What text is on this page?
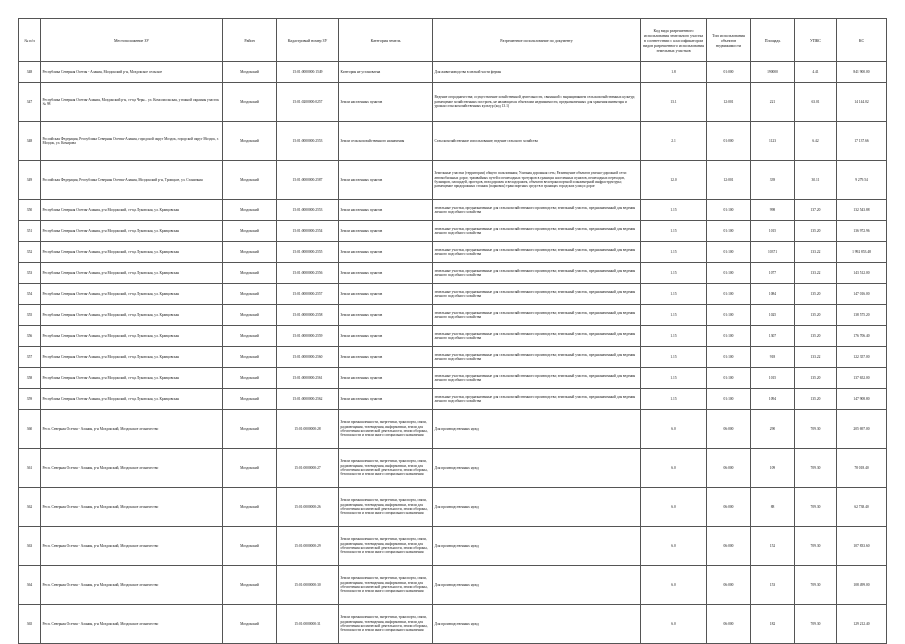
№ п/п	Местоположение ЗУ	Район	Кадастровый номер ЗУ	Категория земель	Разрешенное использование по документу	Код вида разрешенного использования земельного участка в соответствии с классификатором видов разрешенного использования земельных участков	Тип использования объектов недвижимости	Площадь	УПКС	КС
348	Республика Северная Осетия - Алания, Моздокский р-н, Моздокское сельское	Моздокский	15:01:0000000:1549	Категория не установлена	Для животноводства в мелкой части фермы	1.8	01:000	190000	4.41	841 900.00
347	Республика Северная Осетия-Алания, Моздокский р-н, ст-ца Черн... ул. Комсомольская, у южной окраины участок № 98	Моздокский	15:01:0200000:0257	Земли населенных пунктов	Ведение огородничества; осуществление хозяйственной деятельности, связанной с выращиванием сельскохозяйственных культур; размещение хозяйственных построек, не являющихся объектами недвижимости, предназначенных для хранения инвентаря и урожая сельскохозяйственных культур (код 13.1)	13.1	12:001	221	63.01	14 144.02
348	Российская Федерация, Республика Северная Осетия-Алания, городской округ Моздок, городской округ Моздок, г. Моздок, ул. Комарова	Моздокский	15:01:0000000:2553	Земли сельскохозяйственного назначения	Сельскохозяйственное использование; ведение сельского хозяйства	2.1	01:000	1123	6.42	17 137.66
349	Российская Федерация, Республика Северная Осетия-Алания, Моздокский р-н, Троицкое, ул. Станичная	Моздокский	15:01:0000000:2587	Земли населенных пунктов	Земельные участки (территории) общего пользования; Уличная дорожная сеть; Размещение объектов улично-дорожной сети: автомобильных дорог, трамвайных путей и пешеходных тротуаров в границах населенных пунктов, пешеходных переходов, бульваров, площадей, проездов, велодорожек и велодорожек, объектов велотранспортной и инженерной инфраструктуры; размещение придорожных стоянок (парковок) транспортных средств в границах городских улиц и дорог	12.0	12:001	339	30.11	9 279.54
350	Республика Северная Осетия-Алания, р-н Моздокский, ст-ца Луковская, ул. Кравцовская	Моздокский	15:01:0000000:2553	Земли населенных пунктов	земельные участки, предназначенные для сельскохозяйственного производства; земельный участок, предназначенный для ведения личного подсобного хозяйства	1.15	01:100	998	137.20	132 543.88
351	Республика Северная Осетия-Алания, р-н Моздокский, ст-ца Луковская, ул. Кравцовская	Моздокский	15:01:0000000:2554	Земли населенных пунктов	земельные участки, предназначенные для сельскохозяйственного производства; земельный участок, предназначенный для ведения личного подсобного хозяйства	1.15	01:100	1015	135.20	136 972.96
352	Республика Северная Осетия-Алания, р-н Моздокский, ст-ца Луковская, ул. Кравцовская	Моздокский	15:01:0000000:2555	Земли населенных пунктов	земельные участки, предназначенные для сельскохозяйственного производства; земельный участок, предназначенный для ведения личного подсобного хозяйства	1.15	01:100	10371	133.22	1 992 853.48
353	Республика Северная Осетия-Алания, р-н Моздокский, ст-ца Луковская, ул. Кравцовская	Моздокский	15:01:0000000:2556	Земли населенных пунктов	земельные участки, предназначенные для сельскохозяйственного производства; земельный участок, предназначенный для ведения личного подсобного хозяйства	1.15	01:100	1077	133.22	143 512.00
354	Республика Северная Осетия-Алания, р-н Моздокский, ст-ца Луковская, ул. Кравцовская	Моздокский	15:01:0000000:2557	Земли населенных пунктов	земельные участки, предназначенные для сельскохозяйственного производства; земельный участок, предназначенный для ведения личного подсобного хозяйства	1.15	01:100	1084	135.20	147 016.00
355	Республика Северная Осетия-Алания, р-н Моздокский, ст-ца Луковская, ул. Кравцовская	Моздокский	15:01:0000000:2558	Земли населенных пунктов	земельные участки, предназначенные для сельскохозяйственного производства; земельный участок, предназначенный для ведения личного подсобного хозяйства	1.15	01:100	1025	135.20	138 575.20
356	Республика Северная Осетия-Алания, р-н Моздокский, ст-ца Луковская, ул. Кравцовская	Моздокский	15:01:0000000:2559	Земли населенных пунктов	земельные участки, предназначенные для сельскохозяйственного производства; земельный участок, предназначенный для ведения личного подсобного хозяйства	1.15	01:100	1307	135.20	176 706.40
357	Республика Северная Осетия-Алания, р-н Моздокский, ст-ца Луковская, ул. Кравцовская	Моздокский	15:01:0000000:2560	Земли населенных пунктов	земельные участки, предназначенные для сельскохозяйственного производства; земельный участок, предназначенный для ведения личного подсобного хозяйства	1.15	01:100	918	133.22	122 357.00
358	Республика Северная Осетия-Алания, р-н Моздокский, ст-ца Луковская, ул. Кравцовская	Моздокский	15:01:0000000:2561	Земли населенных пунктов	земельные участки, предназначенные для сельскохозяйственного производства; земельный участок, предназначенный для ведения личного подсобного хозяйства	1.15	01:100	1015	135.20	137 652.00
359	Республика Северная Осетия-Алания, р-н Моздокский, ст-ца Луковская, ул. Кравцовская	Моздокский	15:01:0000000:2562	Земли населенных пунктов	земельные участки, предназначенные для сельскохозяйственного производства; земельный участок, предназначенный для ведения личного подсобного хозяйства	1.15	01:100	1094	135.20	147 908.80
360	Респ. Северная Осетия - Алания, р-н Моздокский, Моздокское лесничество	Моздокский	15:01:0000000:28	Земли промышленности, энергетики, транспорта, связи, радиовещания, телевидения, информатики, земли для обеспечения космической деятельности, земли обороны, безопасности и земли иного специального назначения	Для производственных нужд	6.0	06:000	290	709.30	205 697.00
361	Респ. Северная Осетия - Алания, р-н Моздокский, Моздокское лесничество	Моздокский	15:01:0000000:27	Земли промышленности, энергетики, транспорта, связи, радиовещания, телевидения, информатики, земли для обеспечения космической деятельности, земли обороны, безопасности и земли иного специального назначения	Для производственных нужд	6.0	06:000	109	709.30	78 018.40
362	Респ. Северная Осетия - Алания, р-н Моздокский, Моздокское лесничество	Моздокский	15:01:0000000:26	Земли промышленности, энергетики, транспорта, связи, радиовещания, телевидения, информатики, земли для обеспечения космической деятельности, земли обороны, безопасности и земли иного специального назначения	Для производственных нужд	6.0	06:000	88	709.30	62 738.40
363	Респ. Северная Осетия - Алания, р-н Моздокский, Моздокское лесничество	Моздокский	15:01:0000000:29	Земли промышленности, энергетики, транспорта, связи, радиовещания, телевидения, информатики, земли для обеспечения космической деятельности, земли обороны, безопасности и земли иного специального назначения	Для производственных нужд	6.0	06:000	152	709.30	107 833.60
364	Респ. Северная Осетия - Алания, р-н Моздокский, Моздокское лесничество	Моздокский	15:01:0000000:30	Земли промышленности, энергетики, транспорта, связи, радиовещания, телевидения, информатики, земли для обеспечения космической деятельности, земли обороны, безопасности и земли иного специального назначения	Для производственных нужд	6.0	06:000	153	709.30	108 499.00
365	Респ. Северная Осетия - Алания, р-н Моздокский, Моздокское лесничество	Моздокский	15:01:0000000:31	Земли промышленности, энергетики, транспорта, связи, радиовещания, телевидения, информатики, земли для обеспечения космической деятельности, земли обороны, безопасности и земли иного специального назначения	Для производственных нужд	6.0	06:000	182	709.30	129 212.40
